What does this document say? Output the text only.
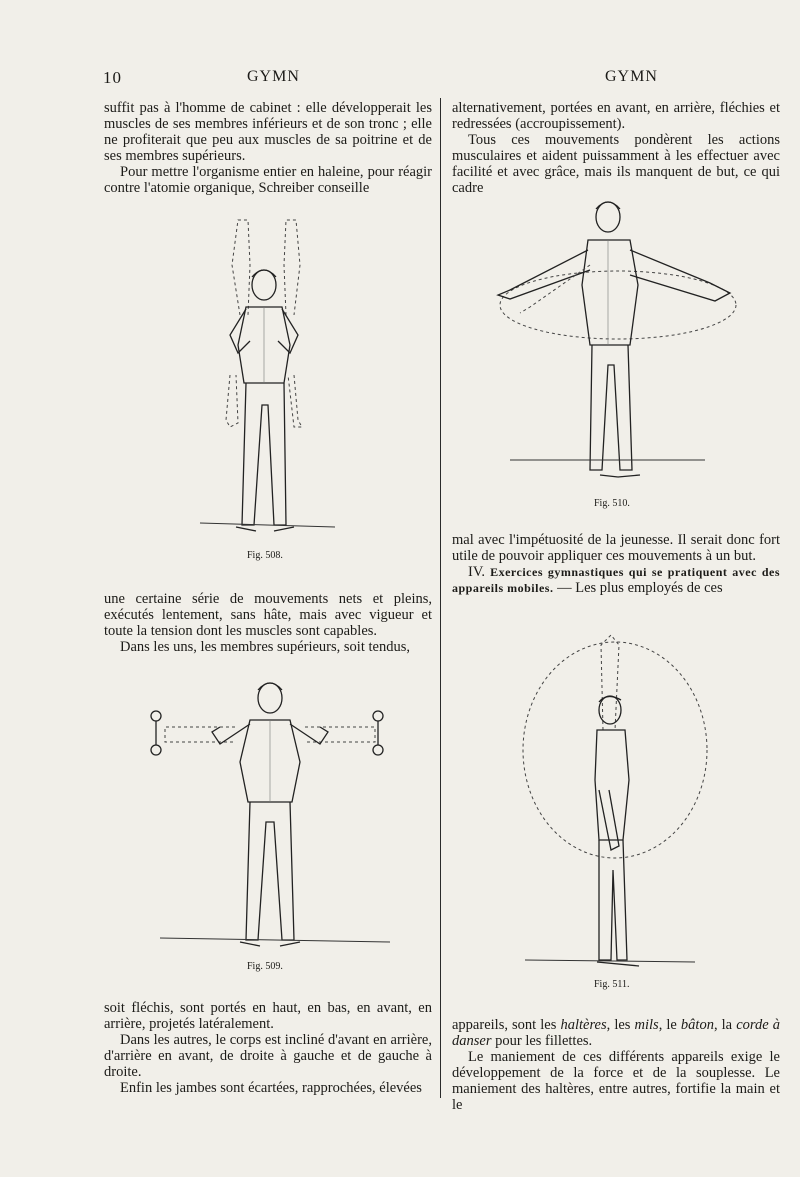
10	GYMN	GYMN

suffit pas à l'homme de cabinet : elle développerait les muscles de ses membres inférieurs et de son tronc ; elle ne profiterait que peu aux muscles de sa poitrine et de ses membres supérieurs.

Pour mettre l'organisme entier en haleine, pour réagir contre l'atomie organique, Schreiber conseille

Fig. 508.

une certaine série de mouvements nets et pleins, exécutés lentement, sans hâte, mais avec vigueur et toute la tension dont les muscles sont capables.

Dans les uns, les membres supérieurs, soit tendus,

Fig. 509.

soit fléchis, sont portés en haut, en bas, en avant, en arrière, projetés latéralement.

Dans les autres, le corps est incliné d'avant en arrière, d'arrière en avant, de droite à gauche et de gauche à droite.

Enfin les jambes sont écartées, rapprochées, élevées

alternativement, portées en avant, en arrière, fléchies et redressées (accroupissement).

Tous ces mouvements pondèrent les actions musculaires et aident puissamment à les effectuer avec facilité et avec grâce, mais ils manquent de but, ce qui cadre

Fig. 510.

mal avec l'impétuosité de la jeunesse. Il serait donc fort utile de pouvoir appliquer ces mouvements à un but.

IV. Exercices gymnastiques qui se pratiquent avec des appareils mobiles. — Les plus employés de ces

Fig. 511.

appareils, sont les haltères, les mils, le bâton, la corde à danser pour les fillettes.

Le maniement de ces différents appareils exige le développement de la force et de la souplesse. Le maniement des haltères, entre autres, fortifie la main et le
